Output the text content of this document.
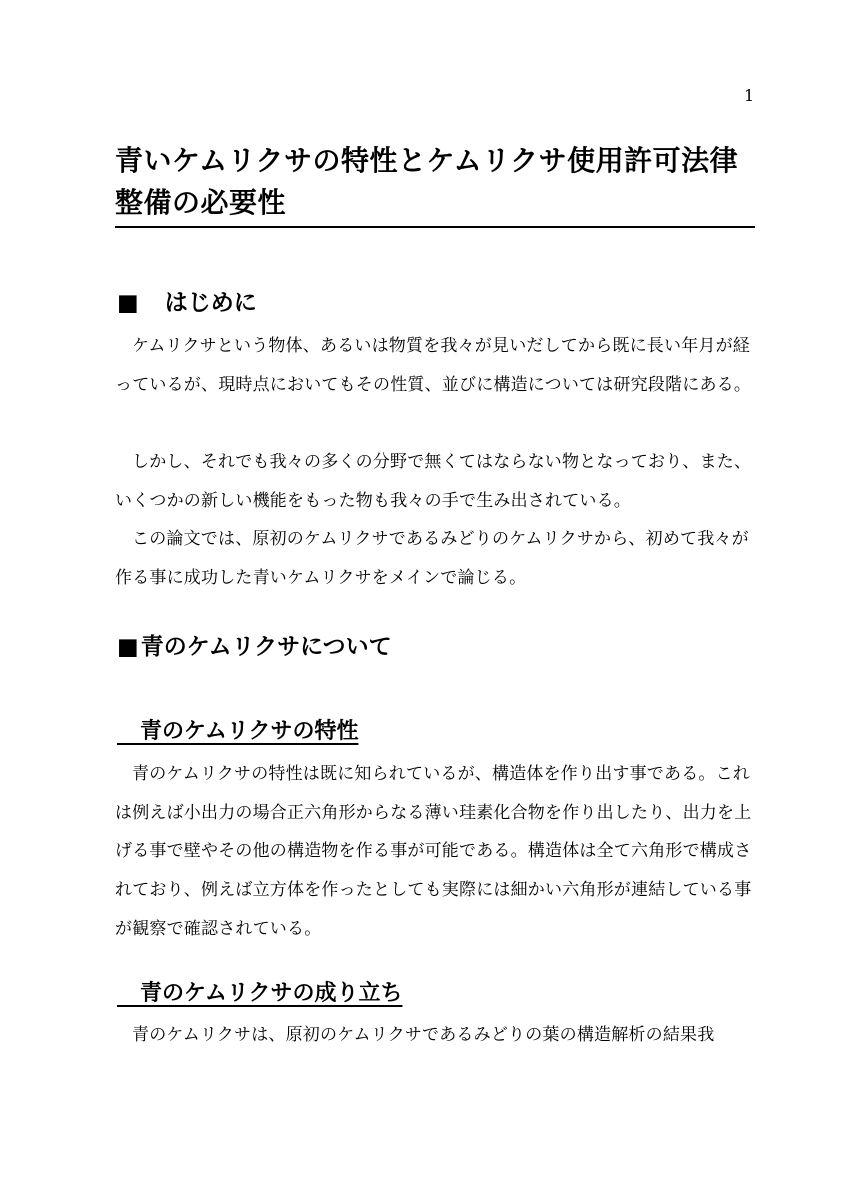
1
青いケムリクサの特性とケムリクサ使用許可法律整備の必要性
■ はじめに

ケムリクサという物体、あるいは物質を我々が見いだしてから既に長い年月が経っているが、現時点においてもその性質、並びに構造については研究段階にある。

しかし、それでも我々の多くの分野で無くてはならない物となっており、また、いくつかの新しい機能をもった物も我々の手で生み出されている。

この論文では、原初のケムリクサであるみどりのケムリクサから、初めて我々が作る事に成功した青いケムリクサをメインで論じる。

■青のケムリクサについて
青のケムリクサの特性

青のケムリクサの特性は既に知られているが、構造体を作り出す事である。これは例えば小出力の場合正六角形からなる薄い珪素化合物を作り出したり、出力を上げる事で壁やその他の構造物を作る事が可能である。構造体は全て六角形で構成されており、例えば立方体を作ったとしても実際には細かい六角形が連結している事が観察で確認されている。

青のケムリクサの成り立ち

青のケムリクサは、原初のケムリクサであるみどりの葉の構造解析の結果我
